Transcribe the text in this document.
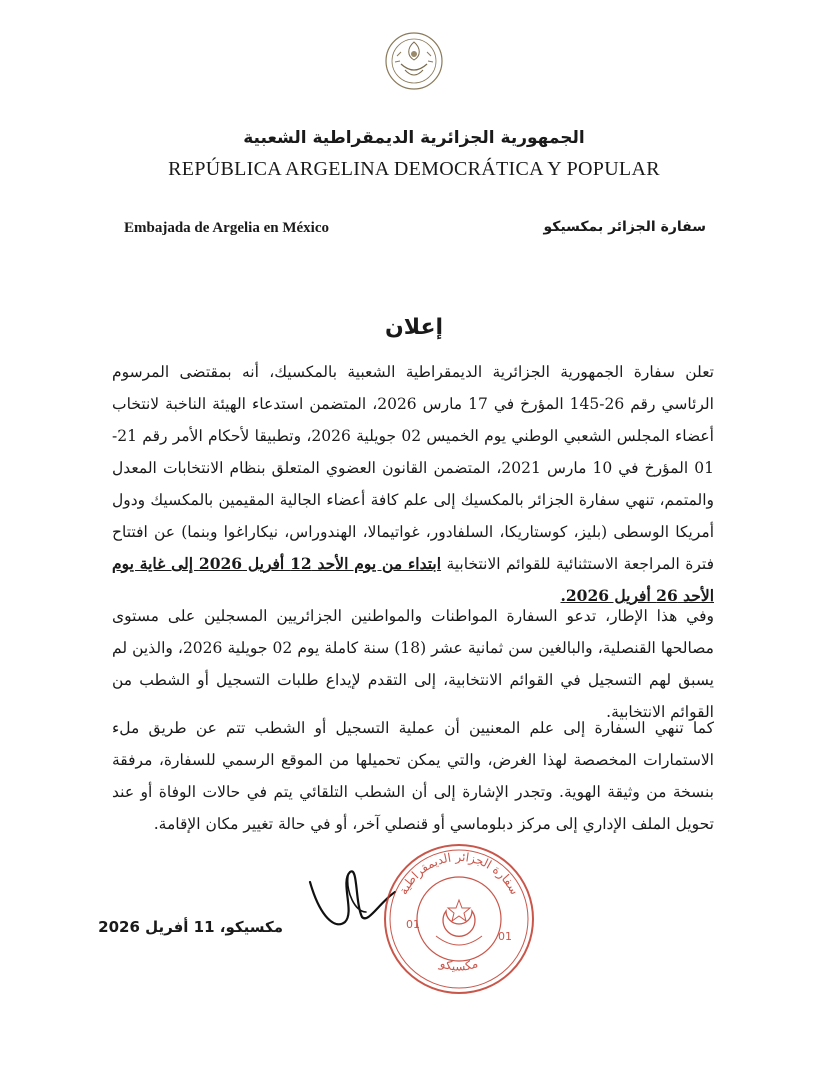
الجمهورية الجزائرية الديمقراطية الشعبية
REPÚBLICA ARGELINA DEMOCRÁTICA Y POPULAR
Embajada de Argelia en México	سفارة الجزائر بمكسيكو
إعلان
تعلن سفارة الجمهورية الجزائرية الديمقراطية الشعبية بالمكسيك، أنه بمقتضى المرسوم الرئاسي رقم 26-145 المؤرخ في 17 مارس 2026، المتضمن استدعاء الهيئة الناخبة لانتخاب أعضاء المجلس الشعبي الوطني يوم الخميس 02 جويلية 2026، وتطبيقا لأحكام الأمر رقم 21-01 المؤرخ في 10 مارس 2021، المتضمن القانون العضوي المتعلق بنظام الانتخابات المعدل والمتمم، تنهي سفارة الجزائر بالمكسيك إلى علم كافة أعضاء الجالية المقيمين بالمكسيك ودول أمريكا الوسطى (بليز، كوستاريكا، السلفادور، غواتيمالا، الهندوراس، نيكاراغوا وبنما) عن افتتاح فترة المراجعة الاستثنائية للقوائم الانتخابية ابتداء من يوم الأحد 12 أفريل 2026 إلى غاية يوم الأحد 26 أفريل 2026.
وفي هذا الإطار، تدعو السفارة المواطنات والمواطنين الجزائريين المسجلين على مستوى مصالحها القنصلية، والبالغين سن ثمانية عشر (18) سنة كاملة يوم 02 جويلية 2026، والذين لم يسبق لهم التسجيل في القوائم الانتخابية، إلى التقدم لإيداع طلبات التسجيل أو الشطب من القوائم الانتخابية.
كما تنهي السفارة إلى علم المعنيين أن عملية التسجيل أو الشطب تتم عن طريق ملء الاستمارات المخصصة لهذا الغرض، والتي يمكن تحميلها من الموقع الرسمي للسفارة، مرفقة بنسخة من وثيقة الهوية. وتجدر الإشارة إلى أن الشطب التلقائي يتم في حالات الوفاة أو عند تحويل الملف الإداري إلى مركز دبلوماسي أو قنصلي آخر، أو في حالة تغيير مكان الإقامة.
سفارة الجزائر الديمقراطية
مكسيكو
01
01
مكسيكو، 11 أفريل 2026
